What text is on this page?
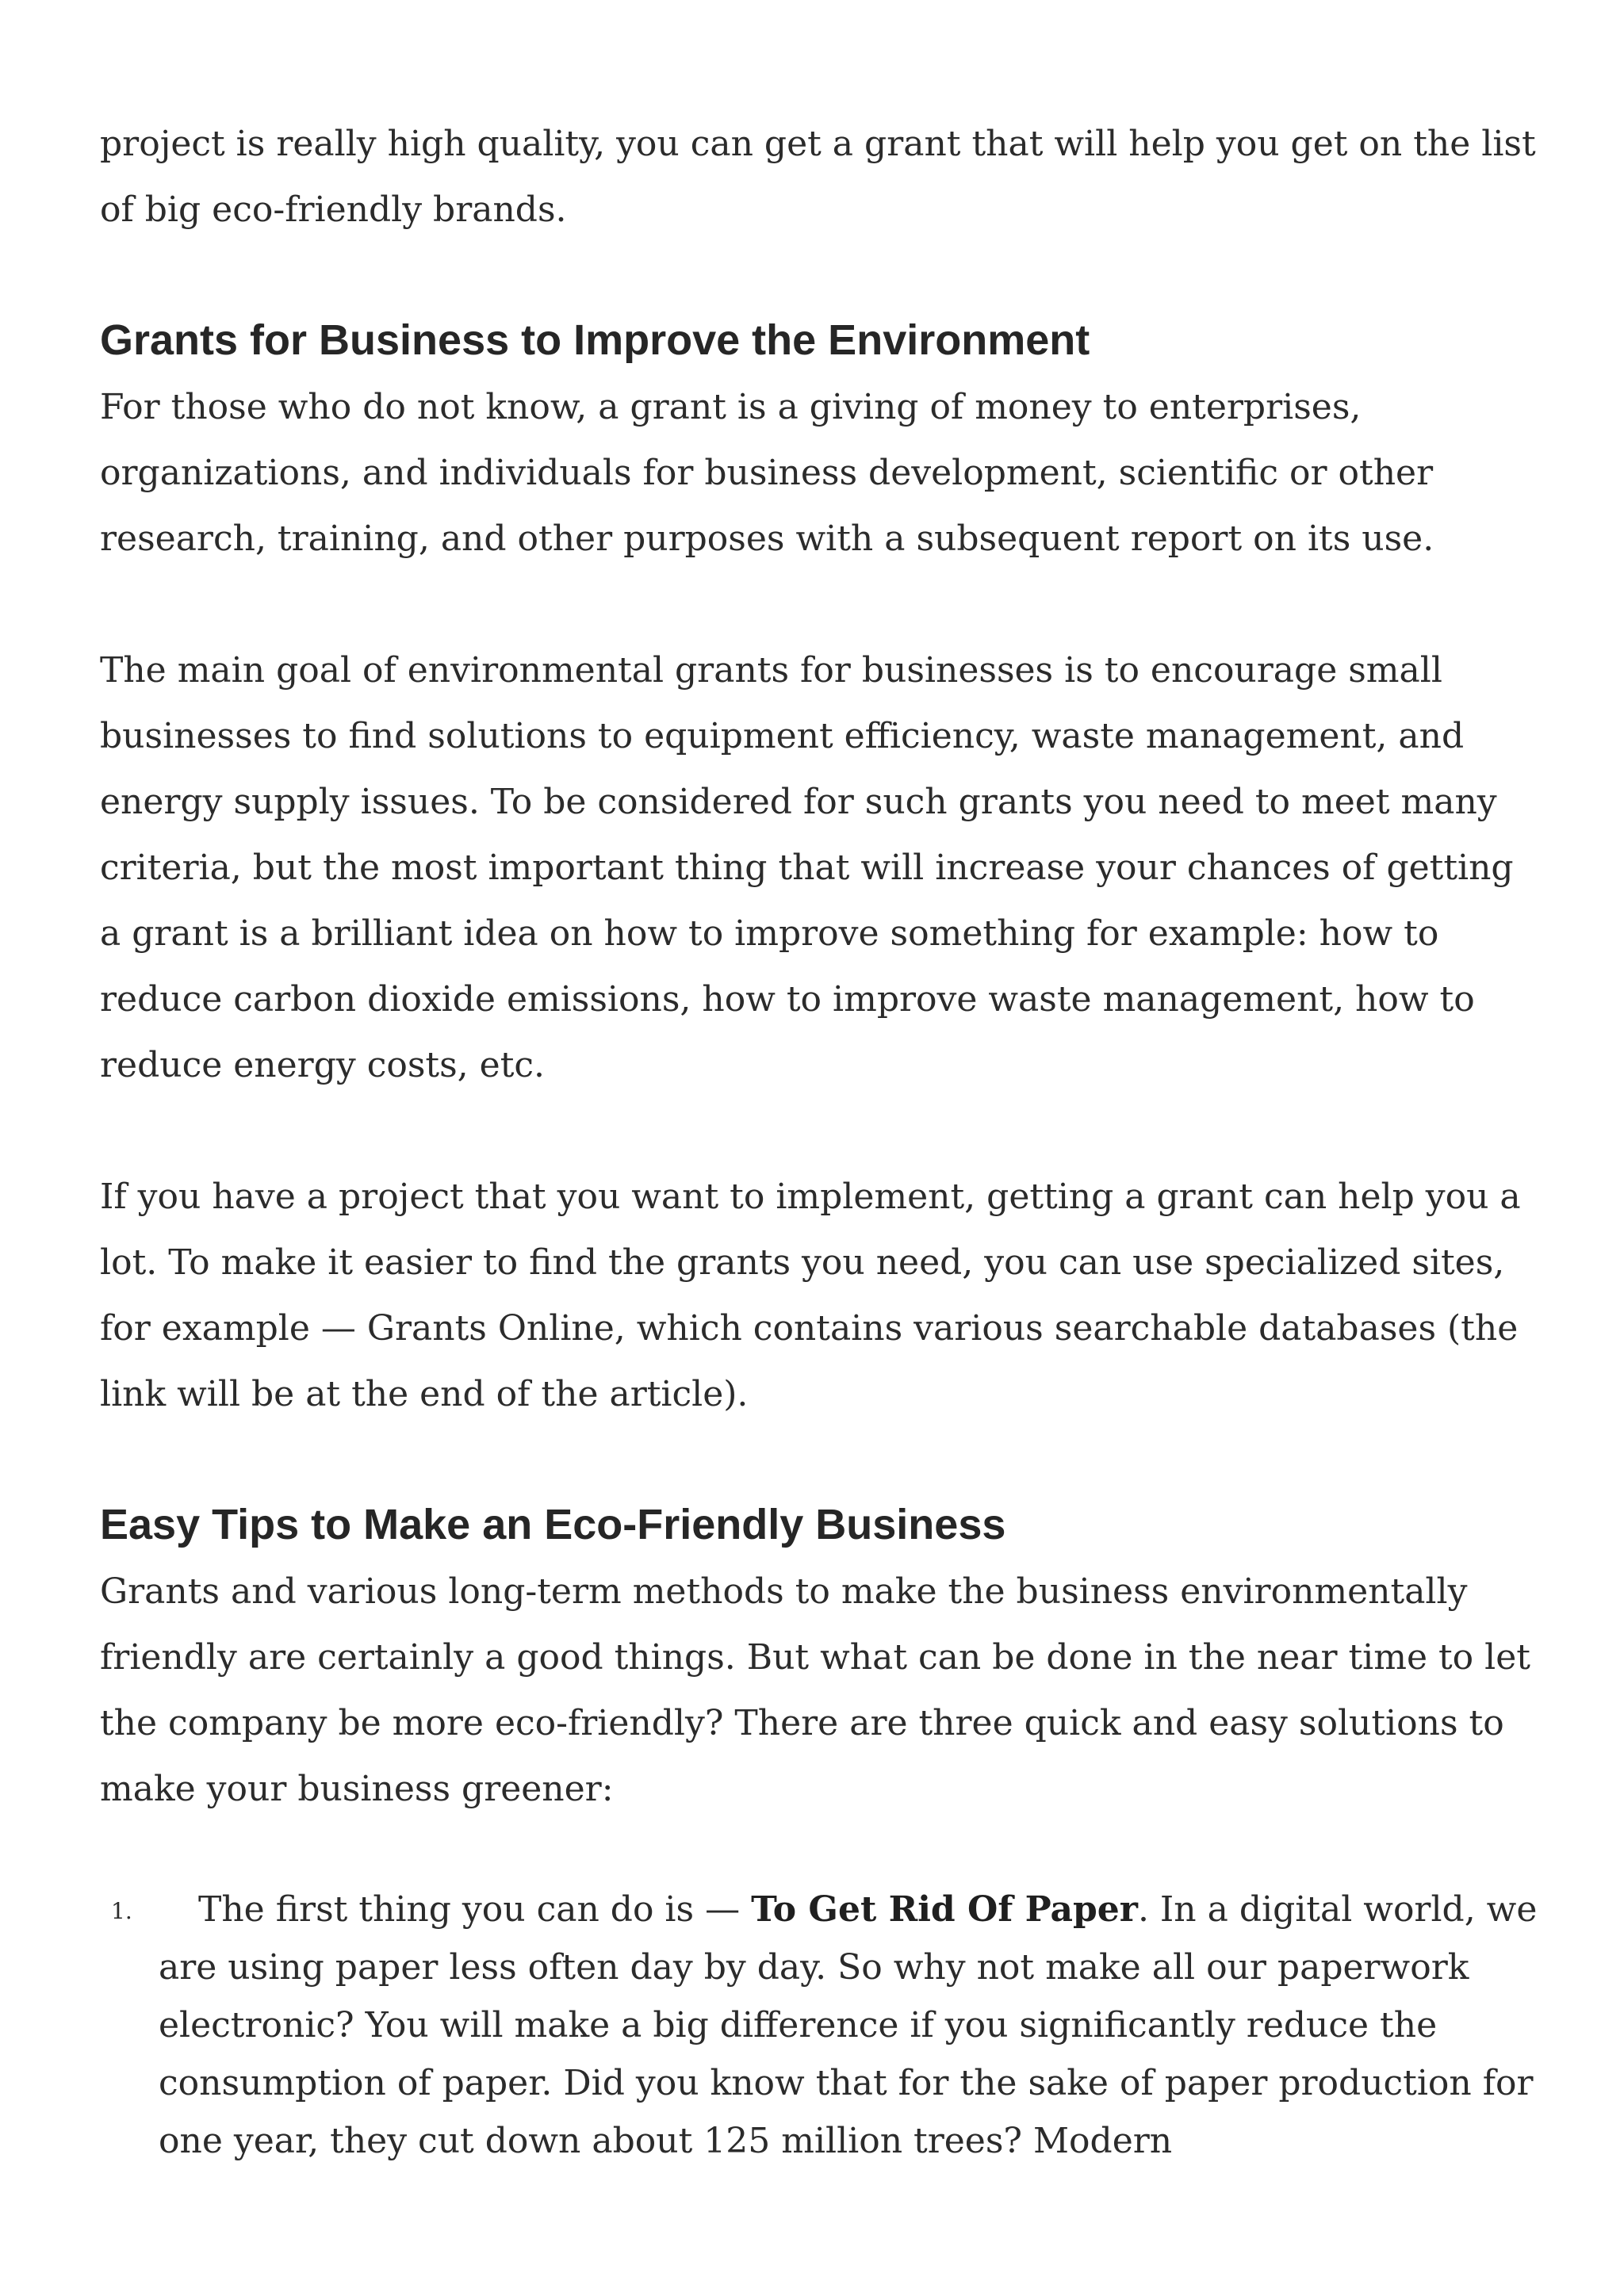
project is really high quality, you can get a grant that will help you get on the list of big eco-friendly brands.

Grants for Business to Improve the Environment

For those who do not know, a grant is a giving of money to enterprises, organizations, and individuals for business development, scientific or other research, training, and other purposes with a subsequent report on its use.

The main goal of environmental grants for businesses is to encourage small businesses to find solutions to equipment efficiency, waste management, and energy supply issues. To be considered for such grants you need to meet many criteria, but the most important thing that will increase your chances of getting a grant is a brilliant idea on how to improve something for example: how to reduce carbon dioxide emissions, how to improve waste management, how to reduce energy costs, etc.

If you have a project that you want to implement, getting a grant can help you a lot. To make it easier to find the grants you need, you can use specialized sites, for example — Grants Online, which contains various searchable databases (the link will be at the end of the article).

Easy Tips to Make an Eco-Friendly Business

Grants and various long-term methods to make the business environmentally friendly are certainly a good things. But what can be done in the near time to let the company be more eco-friendly? There are three quick and easy solutions to make your business greener:

1. The first thing you can do is — To Get Rid Of Paper. In a digital world, we are using paper less often day by day. So why not make all our paperwork electronic? You will make a big difference if you significantly reduce the consumption of paper. Did you know that for the sake of paper production for one year, they cut down about 125 million trees? Modern
